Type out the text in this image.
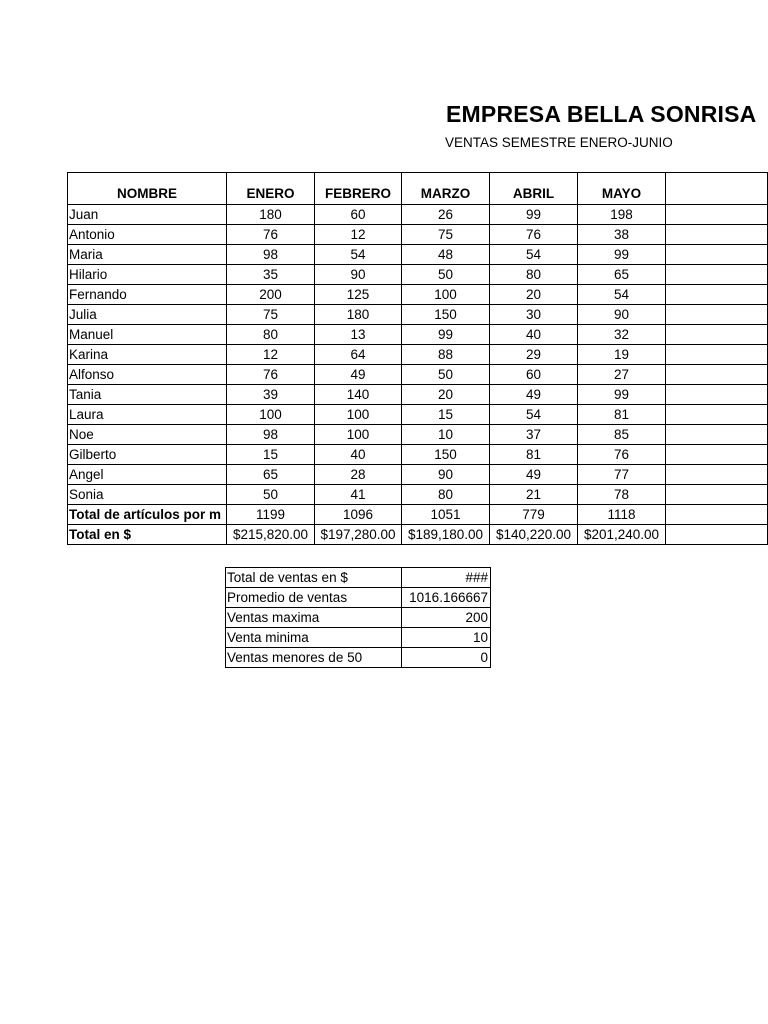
EMPRESA BELLA SONRISA
VENTAS SEMESTRE ENERO-JUNIO
NOMBRE	ENERO	FEBRERO	MARZO	ABRIL	MAYO	
Juan	180	60	26	99	198	
Antonio	76	12	75	76	38	
Maria	98	54	48	54	99	
Hilario	35	90	50	80	65	
Fernando	200	125	100	20	54	
Julia	75	180	150	30	90	
Manuel	80	13	99	40	32	
Karina	12	64	88	29	19	
Alfonso	76	49	50	60	27	
Tania	39	140	20	49	99	
Laura	100	100	15	54	81	
Noe	98	100	10	37	85	
Gilberto	15	40	150	81	76	
Angel	65	28	90	49	77	
Sonia	50	41	80	21	78	
Total de artículos por m	1199	1096	1051	779	1118	
Total en $	$215,820.00	$197,280.00	$189,180.00	$140,220.00	$201,240.00	
Total de ventas en $	###
Promedio de ventas	1016.166667
Ventas maxima	200
Venta minima	10
Ventas menores de 50	0
